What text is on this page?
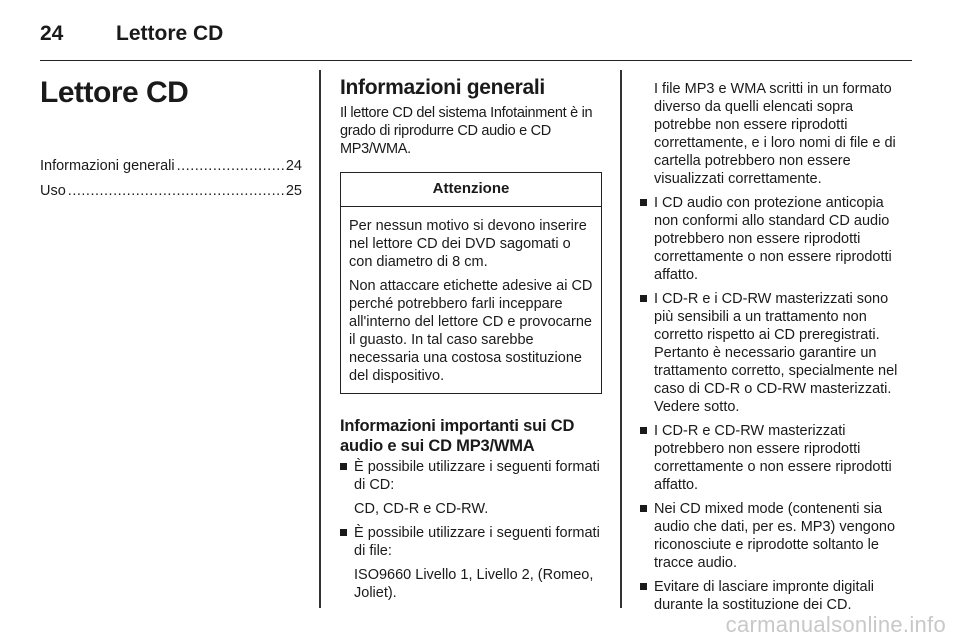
24	Lettore CD
Lettore CD
Informazioni generali .....	24
Uso .....	25
Informazioni generali

Il lettore CD del sistema Infotainment è in grado di riprodurre CD audio e CD MP3/WMA.

Attenzione

Per nessun motivo si devono inserire nel lettore CD dei DVD sagomati o con diametro di 8 cm.

Non attaccare etichette adesive ai CD perché potrebbero farli inceppare all'interno del lettore CD e provocarne il guasto. In tal caso sarebbe necessaria una costosa sostituzione del dispositivo.

Informazioni importanti sui CD audio e sui CD MP3/WMA
È possibile utilizzare i seguenti formati di CD:
CD, CD-R e CD-RW.
È possibile utilizzare i seguenti formati di file:
ISO9660 Livello 1, Livello 2, (Romeo, Joliet).

I file MP3 e WMA scritti in un formato diverso da quelli elencati sopra potrebbe non essere riprodotti correttamente, e i loro nomi di file e di cartella potrebbero non essere visualizzati correttamente.

I CD audio con protezione anticopia non conformi allo standard CD audio potrebbero non essere riprodotti correttamente o non essere riprodotti affatto.
I CD-R e i CD-RW masterizzati sono più sensibili a un trattamento non corretto rispetto ai CD preregistrati. Pertanto è necessario garantire un trattamento corretto, specialmente nel caso di CD-R o CD-RW masterizzati. Vedere sotto.
I CD-R e CD-RW masterizzati potrebbero non essere riprodotti correttamente o non essere riprodotti affatto.
Nei CD mixed mode (contenenti sia audio che dati, per es. MP3) vengono riconosciute e riprodotte soltanto le tracce audio.
Evitare di lasciare impronte digitali durante la sostituzione dei CD.
carmanualsonline.info
